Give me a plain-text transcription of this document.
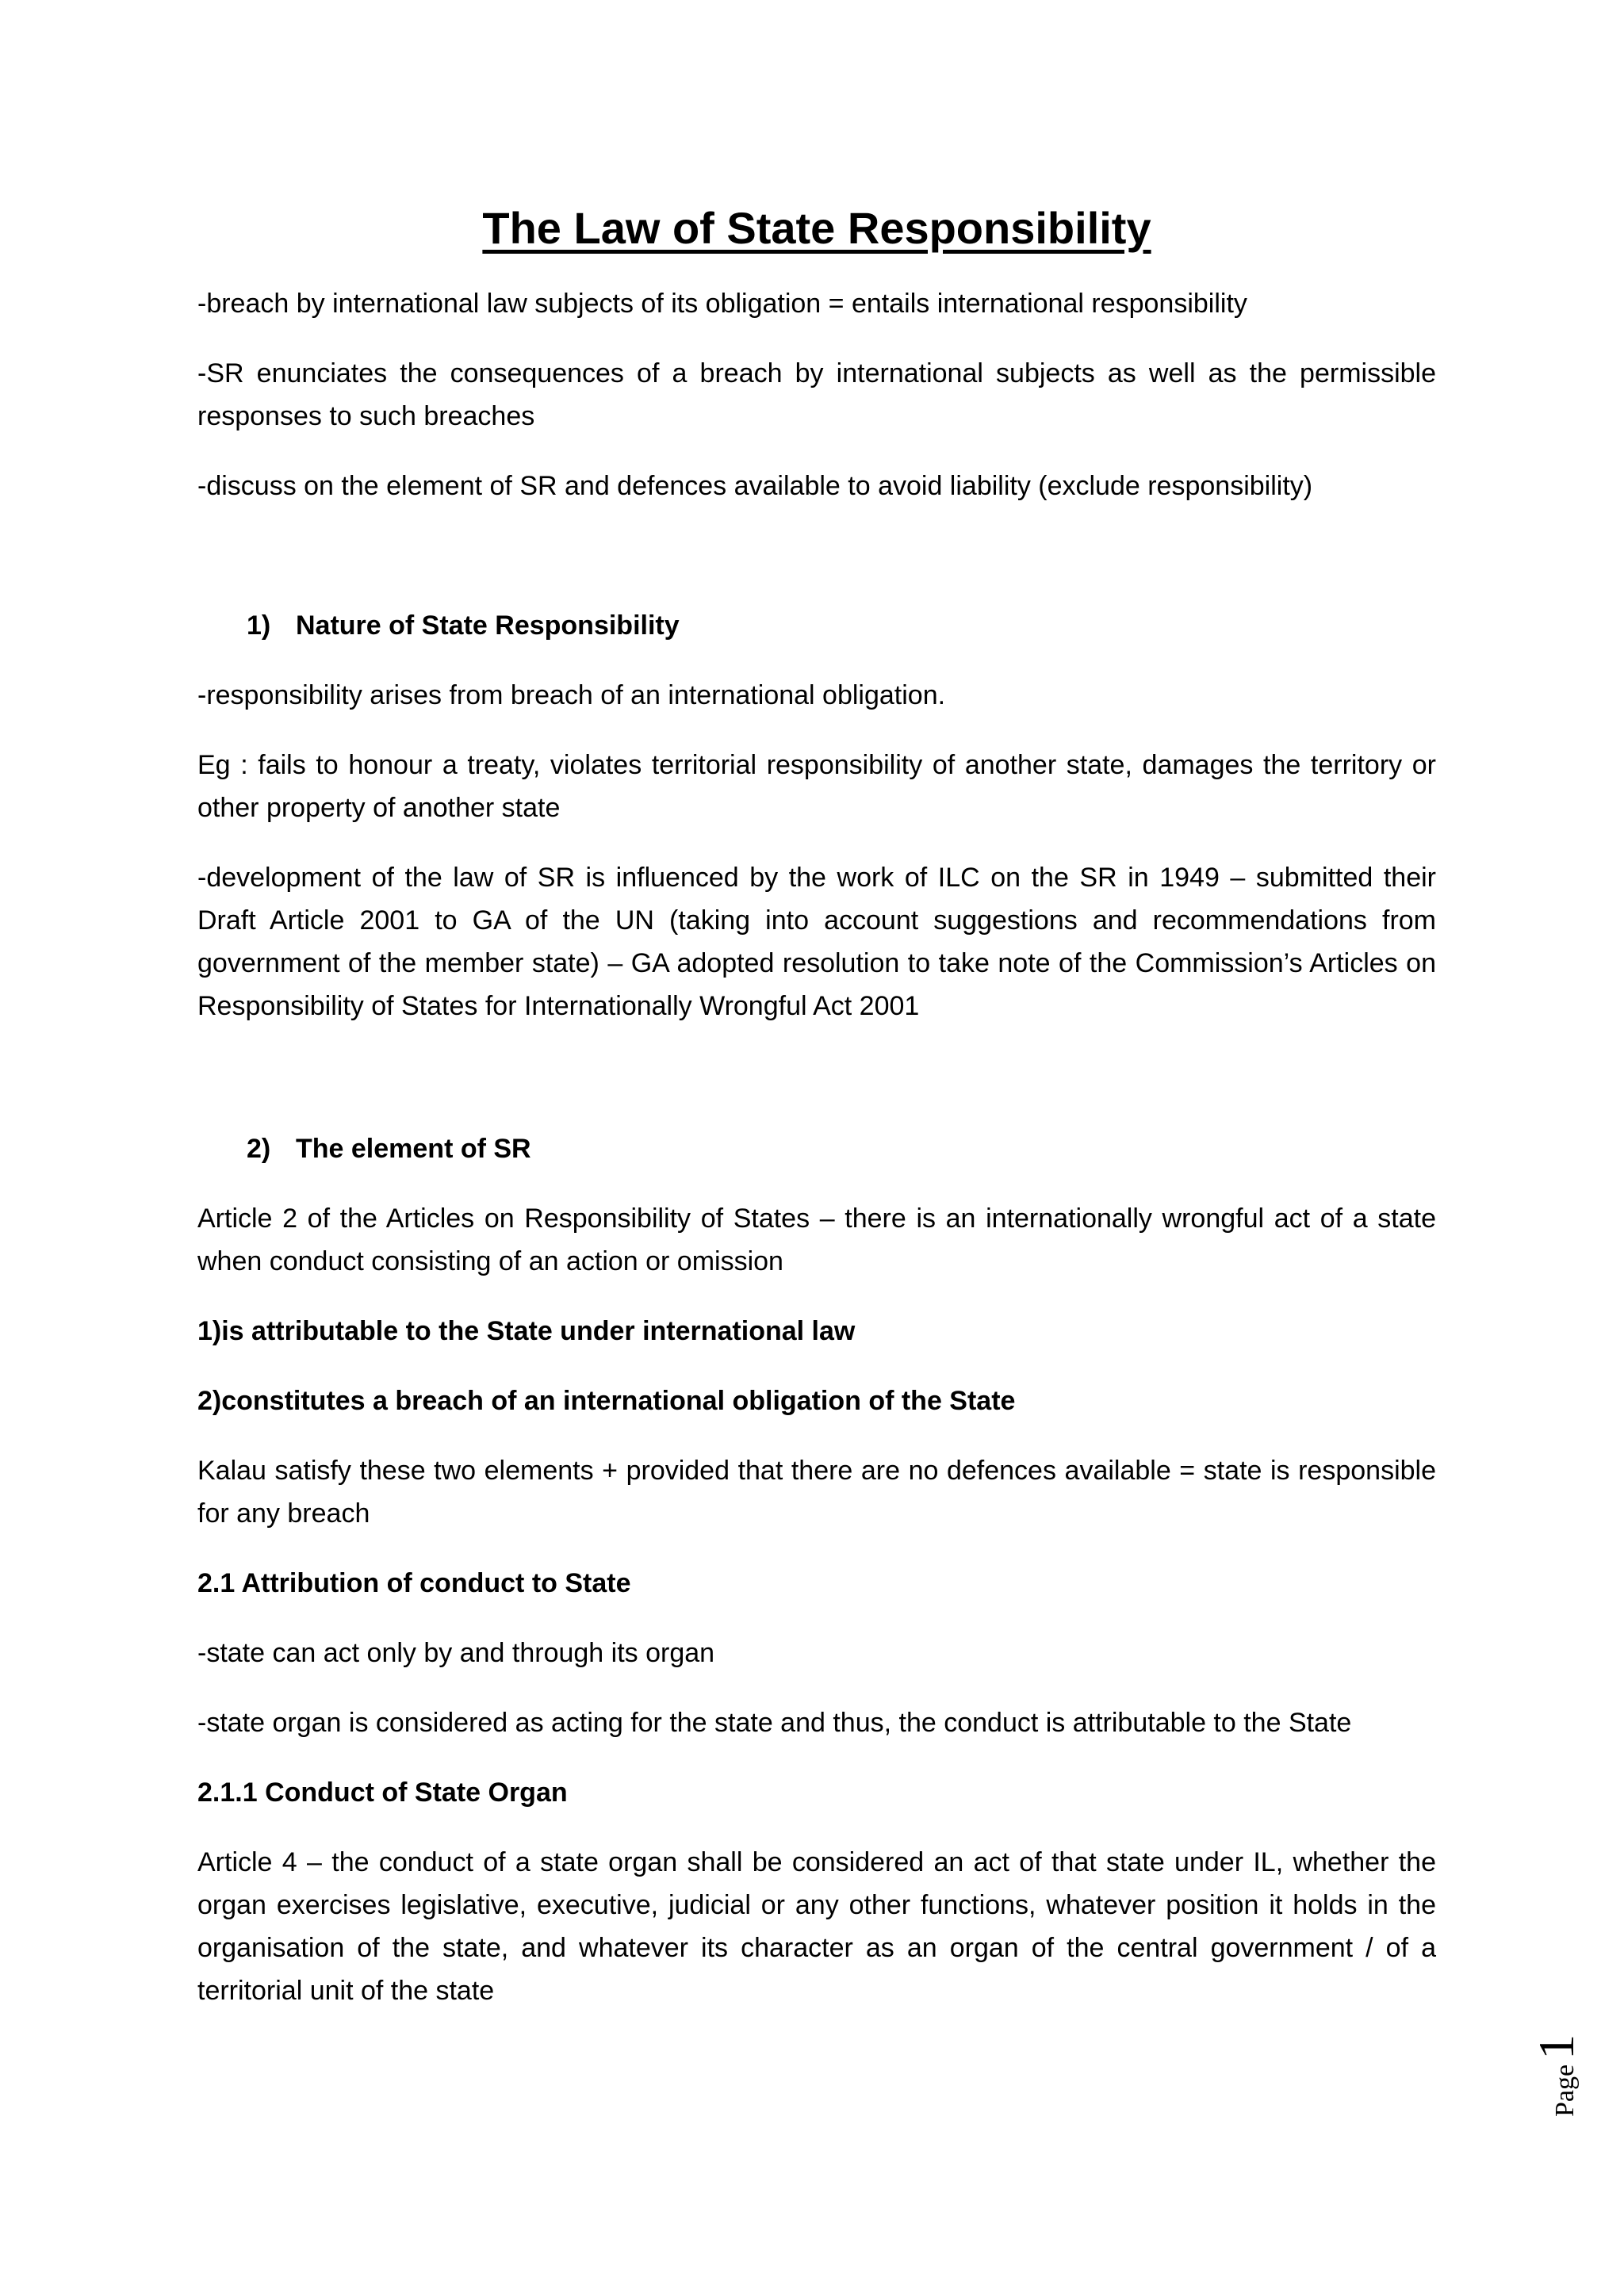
The Law of State Responsibility

-breach by international law subjects of its obligation = entails international responsibility

-SR enunciates the consequences of a breach by international subjects as well as the permissible responses to such breaches

-discuss on the element of SR and defences available to avoid liability (exclude responsibility)

1) Nature of State Responsibility

-responsibility arises from breach of an international obligation.

Eg : fails to honour a treaty, violates territorial responsibility of another state, damages the territory or other property of another state

-development of the law of SR is influenced by the work of ILC on the SR in 1949 – submitted their Draft Article 2001 to GA of the UN (taking into account suggestions and recommendations from government of the member state) – GA adopted resolution to take note of the Commission’s Articles on Responsibility of States for Internationally Wrongful Act 2001

2) The element of SR

Article 2 of the Articles on Responsibility of States – there is an internationally wrongful act of a state when conduct consisting of an action or omission

1)is attributable to the State under international law

2)constitutes a breach of an international obligation of the State

Kalau satisfy these two elements + provided that there are no defences available = state is responsible for any breach

2.1 Attribution of conduct to State

-state can act only by and through its organ

-state organ is considered as acting for the state and thus, the conduct is attributable to the State

2.1.1 Conduct of State Organ

Article 4 – the conduct of a state organ shall be considered an act of that state under IL, whether the organ exercises legislative, executive, judicial or any other functions, whatever position it holds in the organisation of the state, and whatever its character as an organ of the central government / of a territorial unit of the state

Page
1
